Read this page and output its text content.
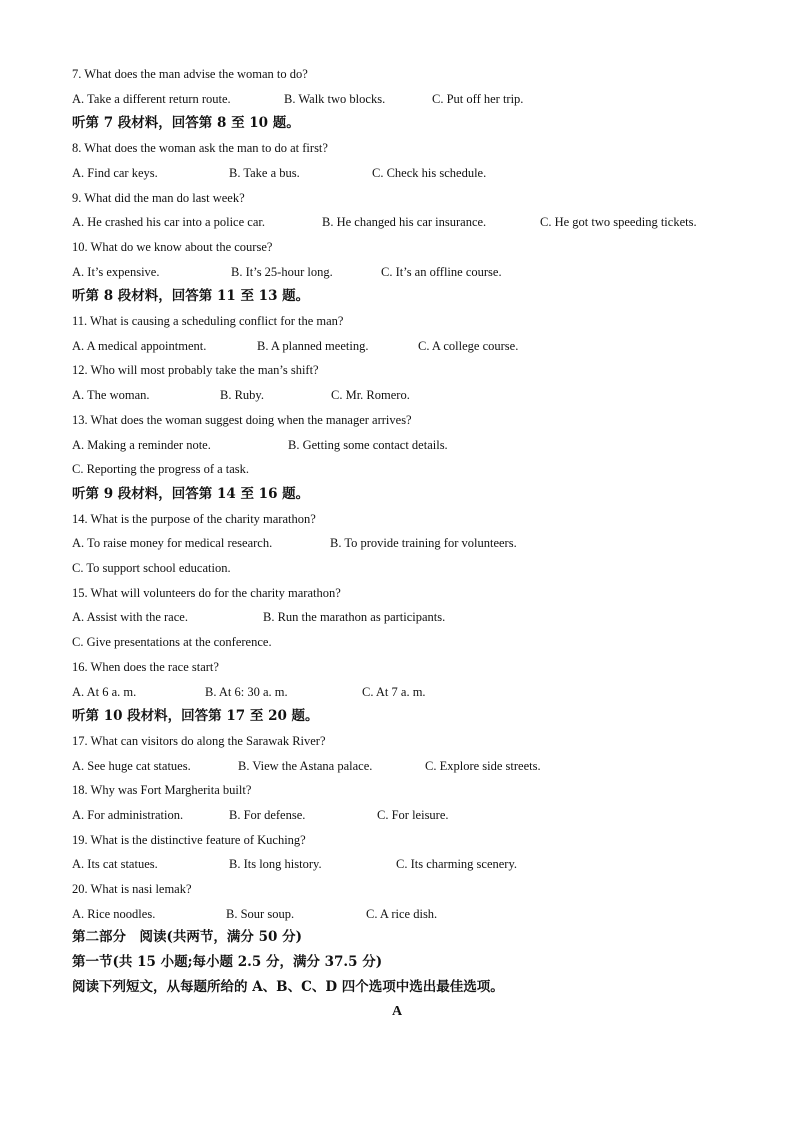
7. What does the man advise the woman to do?
A. Take a different return route.	B. Walk two blocks.	C. Put off her trip.
听第 7 段材料，回答第 8 至 10 题。
8. What does the woman ask the man to do at first?
A. Find car keys.	B. Take a bus.	C. Check his schedule.
9. What did the man do last week?
A. He crashed his car into a police car.	B. He changed his car insurance.	C. He got two speeding tickets.
10. What do we know about the course?
A. It’s expensive.	B. It’s 25-hour long.	C. It’s an offline course.
听第 8 段材料，回答第 11 至 13 题。
11. What is causing a scheduling conflict for the man?
A. A medical appointment.	B. A planned meeting.	C. A college course.
12. Who will most probably take the man’s shift?
A. The woman.	B. Ruby.	C. Mr. Romero.
13. What does the woman suggest doing when the manager arrives?
A. Making a reminder note.	B. Getting some contact details.
C. Reporting the progress of a task.
听第 9 段材料，回答第 14 至 16 题。
14. What is the purpose of the charity marathon?
A. To raise money for medical research.	B. To provide training for volunteers.
C. To support school education.
15. What will volunteers do for the charity marathon?
A. Assist with the race.	B. Run the marathon as participants.
C. Give presentations at the conference.
16. When does the race start?
A. At 6 a. m.	B. At 6: 30 a. m.	C. At 7 a. m.
听第 10 段材料，回答第 17 至 20 题。
17. What can visitors do along the Sarawak River?
A. See huge cat statues.	B. View the Astana palace.	C. Explore side streets.
18. Why was Fort Margherita built?
A. For administration.	B. For defense.	C. For leisure.
19. What is the distinctive feature of Kuching?
A. Its cat statues.	B. Its long history.	C. Its charming scenery.
20. What is nasi lemak?
A. Rice noodles.	B. Sour soup.	C. A rice dish.
第二部分　阅读(共两节，满分 50 分)
第一节(共 15 小题;每小题 2.5 分，满分 37.5 分)
阅读下列短文，从每题所给的 A、B、C、D 四个选项中选出最佳选项。
A
